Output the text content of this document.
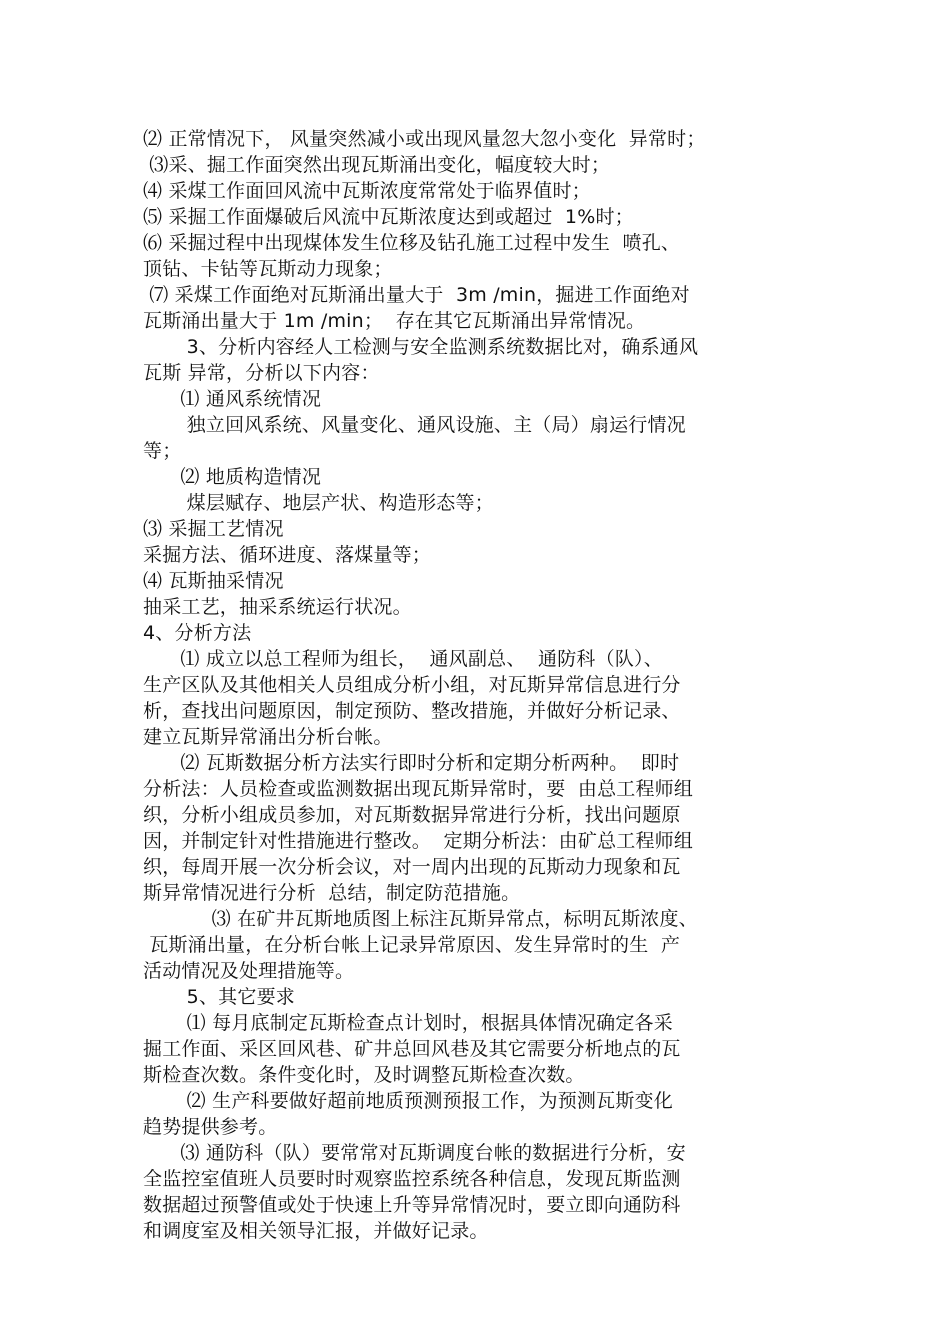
⑵ 正常情况下， 风量突然减小或出现风量忽大忽小变化  异常时；
⑶采、掘工作面突然出现瓦斯涌出变化，幅度较大时；
⑷ 采煤工作面回风流中瓦斯浓度常常处于临界值时；
⑸ 采掘工作面爆破后风流中瓦斯浓度达到或超过  1%时；
⑹ 采掘过程中出现煤体发生位移及钻孔施工过程中发生  喷孔、
顶钻、卡钻等瓦斯动力现象；
⑺ 采煤工作面绝对瓦斯涌出量大于  3m /min，掘进工作面绝对
瓦斯涌出量大于 1m /min；  存在其它瓦斯涌出异常情况。
3、分析内容经人工检测与安全监测系统数据比对，确系通风
瓦斯 异常，分析以下内容：
⑴ 通风系统情况
独立回风系统、风量变化、通风设施、主（局）扇运行情况
等；
⑵ 地质构造情况
煤层赋存、地层产状、构造形态等；
⑶ 采掘工艺情况
采掘方法、循环进度、落煤量等；
⑷ 瓦斯抽采情况
抽采工艺，抽采系统运行状况。
4、分析方法
⑴ 成立以总工程师为组长，  通风副总、  通防科（队）、
生产区队及其他相关人员组成分析小组，对瓦斯异常信息进行分
析，查找出问题原因，制定预防、整改措施，并做好分析记录、
建立瓦斯异常涌出分析台帐。
⑵ 瓦斯数据分析方法实行即时分析和定期分析两种。  即时
分析法：人员检查或监测数据出现瓦斯异常时，要  由总工程师组
织，分析小组成员参加，对瓦斯数据异常进行分析，找出问题原
因，并制定针对性措施进行整改。  定期分析法：由矿总工程师组
织，每周开展一次分析会议，对一周内出现的瓦斯动力现象和瓦
斯异常情况进行分析  总结，制定防范措施。
⑶ 在矿井瓦斯地质图上标注瓦斯异常点，标明瓦斯浓度、
瓦斯涌出量，在分析台帐上记录异常原因、发生异常时的生  产
活动情况及处理措施等。
5、其它要求
⑴ 每月底制定瓦斯检查点计划时，根据具体情况确定各采
掘工作面、采区回风巷、矿井总回风巷及其它需要分析地点的瓦
斯检查次数。条件变化时，及时调整瓦斯检查次数。
⑵ 生产科要做好超前地质预测预报工作，为预测瓦斯变化
趋势提供参考。
⑶ 通防科（队）要常常对瓦斯调度台帐的数据进行分析，安
全监控室值班人员要时时观察监控系统各种信息，发现瓦斯监测
数据超过预警值或处于快速上升等异常情况时，要立即向通防科
和调度室及相关领导汇报，并做好记录。
